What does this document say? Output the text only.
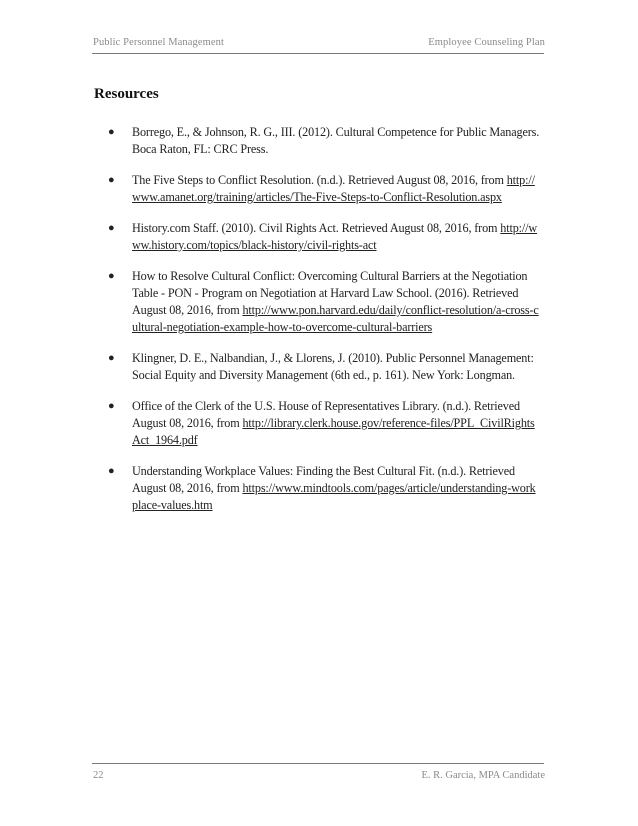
Public Personnel Management	Employee Counseling Plan
Resources
● Borrego, E., & Johnson, R. G., III. (2012). Cultural Competence for Public Managers. Boca Raton, FL: CRC Press.
● The Five Steps to Conflict Resolution. (n.d.). Retrieved August 08, 2016, from http://www.amanet.org/training/articles/The-Five-Steps-to-Conflict-Resolution.aspx
● History.com Staff. (2010). Civil Rights Act. Retrieved August 08, 2016, from http://www.history.com/topics/black-history/civil-rights-act
● How to Resolve Cultural Conflict: Overcoming Cultural Barriers at the Negotiation Table - PON - Program on Negotiation at Harvard Law School. (2016). Retrieved August 08, 2016, from http://www.pon.harvard.edu/daily/conflict-resolution/a-cross-cultural-negotiation-example-how-to-overcome-cultural-barriers
● Klingner, D. E., Nalbandian, J., & Llorens, J. (2010). Public Personnel Management: Social Equity and Diversity Management (6th ed., p. 161). New York: Longman.
● Office of the Clerk of the U.S. House of Representatives Library. (n.d.). Retrieved August 08, 2016, from http://library.clerk.house.gov/reference-files/PPL_CivilRightsAct_1964.pdf
● Understanding Workplace Values: Finding the Best Cultural Fit. (n.d.). Retrieved August 08, 2016, from https://www.mindtools.com/pages/article/understanding-workplace-values.htm
22	E. R. Garcia, MPA Candidate
